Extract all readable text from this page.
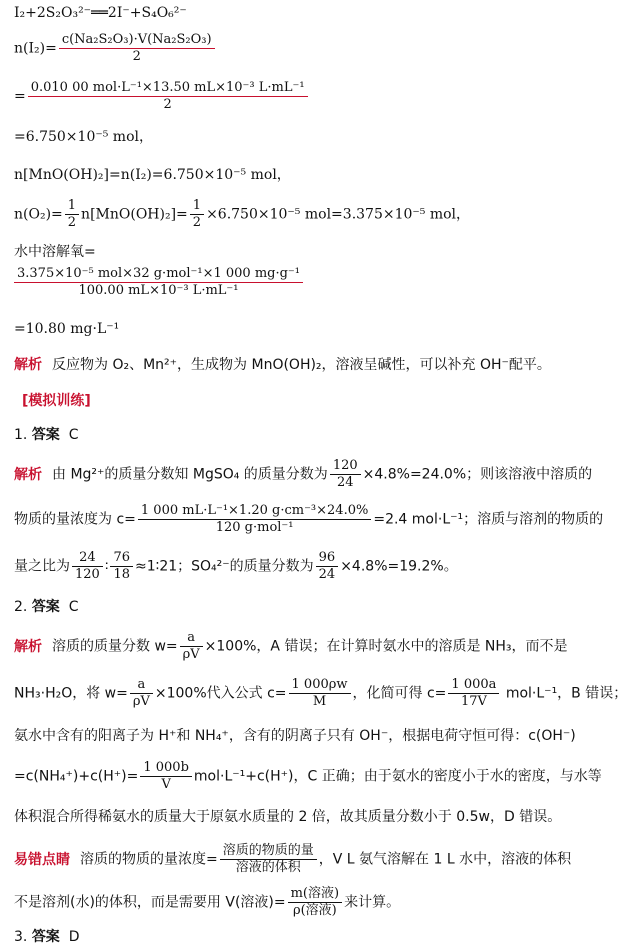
I₂+2S₂O₃²⁻══2I⁻+S₄O₆²⁻
$n(I_2)= \frac{\text{c(Na₂S₂O₃)·V(Na₂S₂O₃)}}{2}$
= $\frac{\text{0.010 00 mol·L⁻¹×13.50 mL×10⁻³ L·mL⁻¹}}{2}$
=6.750×10⁻⁵ mol，
n[MnO(OH)₂]=n(I₂)=6.750×10⁻⁵ mol，
$n(O_2)= \frac{1}{2} n[MnO(OH)_2]= \frac{1}{2} \times 6.750\times 10^{-5}$ mol=3.375×10⁻⁵ mol，
水中溶解氧=
$\frac{\text{3.375×10⁻⁵ mol×32 g·mol⁻¹×1 000 mg·g⁻¹}}{\text{100.00 mL×10⁻³ L·mL⁻¹}}$
=10.80 mg·L⁻¹
解析 反应物为 O₂、Mn²⁺，生成物为 MnO(OH)₂，溶液呈碱性，可以补充 OH⁻配平。
[模拟训练]
1. 答案 C
解析 由 Mg²⁺的质量分数知 MgSO₄ 的质量分数为 $\frac{120}{24} \times 4.8\%=24.0\%$；则该溶液中溶质的
物质的量浓度为 $c= \frac{\text{1 000 mL·L⁻¹×1.20 g·cm⁻³×24.0\%}}{\text{120 g·mol⁻¹}} =2.4$ mol·L⁻¹；溶质与溶剂的物质的
量之比为 $\frac{24}{120}$ ∶ $\frac{76}{18}$ ≈1∶21；SO₄²⁻的质量分数为 $\frac{96}{24} \times 4.8\%=19.2\%$。
2. 答案 C
解析 溶质的质量分数 $w= \frac{a}{\rho V} \times 100\%$，A 错误；在计算时氨水中的溶质是 NH₃，而不是
NH₃·H₂O，将 $w= \frac{a}{\rho V} \times 100\%$代入公式 $c= \frac{1 000\rho w}{M}$ ，化简可得 $c= \frac{1 000a}{17V} mol\cdot L^{-1}$，B 错误；
氨水中含有的阳离子为 H⁺和 NH₄⁺，含有的阴离子只有 OH⁻，根据电荷守恒可得：c(OH⁻)
$=c(NH_4^+)+c(H^+)= \frac{1 000b}{V} mol\cdot L^{-1}+c(H^+)$，C 正确；由于氨水的密度小于水的密度，与水等
体积混合所得稀氨水的质量大于原氨水质量的 2 倍，故其质量分数小于 0.5w，D 错误。
易错点睛 溶质的物质的量浓度= $\frac{\text{溶质的物质的量}}{\text{溶液的体积}}$ ，V L 氨气溶解在 1 L 水中，溶液的体积
不是溶剂(水)的体积，而是需要用 V(溶液)= $\frac{\text{m(溶液)}}{\text{ρ(溶液)}}$ 来计算。
3. 答案 D
